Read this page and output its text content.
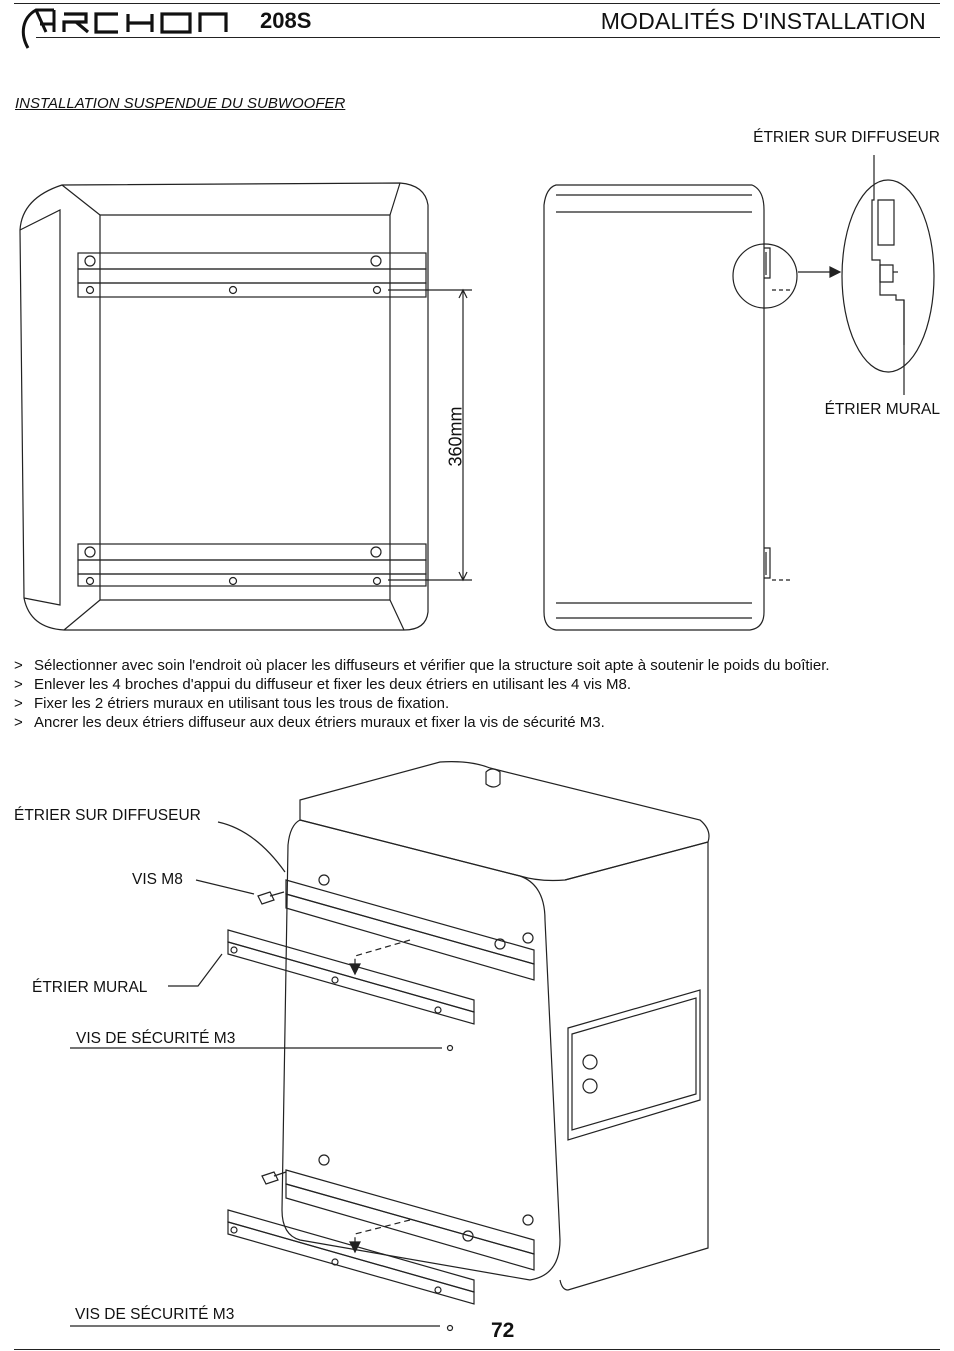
208S	MODALITÉS D'INSTALLATION
INSTALLATION SUSPENDUE DU SUBWOOFER
360mm
ÉTRIER SUR DIFFUSEUR
ÉTRIER MURAL
> Sélectionner avec soin l'endroit où placer les diffuseurs et vérifier que la structure soit apte à soutenir le poids du boîtier.
> Enlever les 4 broches d'appui du diffuseur et fixer les deux étriers en utilisant les 4 vis M8.
> Fixer les 2 étriers muraux en utilisant tous les trous de fixation.
> Ancrer les deux étriers diffuseur aux deux étriers muraux et fixer la vis de sécurité M3.
ÉTRIER SUR DIFFUSEUR
VIS M8
ÉTRIER MURAL
VIS DE SÉCURITÉ M3
VIS DE SÉCURITÉ M3
72
